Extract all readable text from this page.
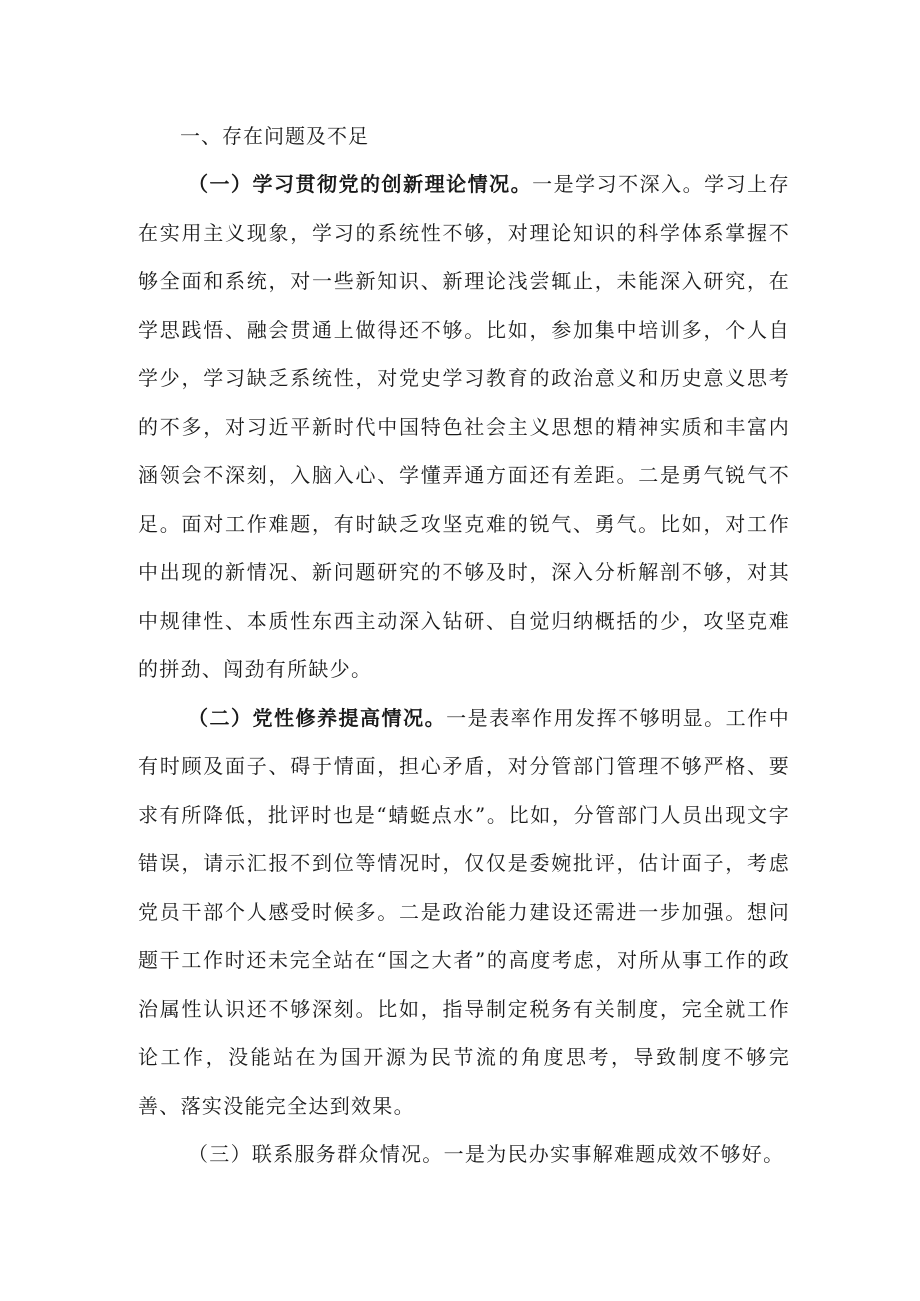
一、存在问题及不足

（一）学习贯彻党的创新理论情况。一是学习不深入。学习上存在实用主义现象，学习的系统性不够，对理论知识的科学体系掌握不够全面和系统，对一些新知识、新理论浅尝辄止，未能深入研究，在学思践悟、融会贯通上做得还不够。比如，参加集中培训多，个人自学少，学习缺乏系统性，对党史学习教育的政治意义和历史意义思考的不多，对习近平新时代中国特色社会主义思想的精神实质和丰富内涵领会不深刻，入脑入心、学懂弄通方面还有差距。二是勇气锐气不足。面对工作难题，有时缺乏攻坚克难的锐气、勇气。比如，对工作中出现的新情况、新问题研究的不够及时，深入分析解剖不够，对其中规律性、本质性东西主动深入钻研、自觉归纳概括的少，攻坚克难的拼劲、闯劲有所缺少。

（二）党性修养提高情况。一是表率作用发挥不够明显。工作中有时顾及面子、碍于情面，担心矛盾，对分管部门管理不够严格、要求有所降低，批评时也是“蜻蜓点水”。比如，分管部门人员出现文字错误，请示汇报不到位等情况时，仅仅是委婉批评，估计面子，考虑党员干部个人感受时候多。二是政治能力建设还需进一步加强。想问题干工作时还未完全站在“国之大者”的高度考虑，对所从事工作的政治属性认识还不够深刻。比如，指导制定税务有关制度，完全就工作论工作，没能站在为国开源为民节流的角度思考，导致制度不够完善、落实没能完全达到效果。

（三）联系服务群众情况。一是为民办实事解难题成效不够好。
